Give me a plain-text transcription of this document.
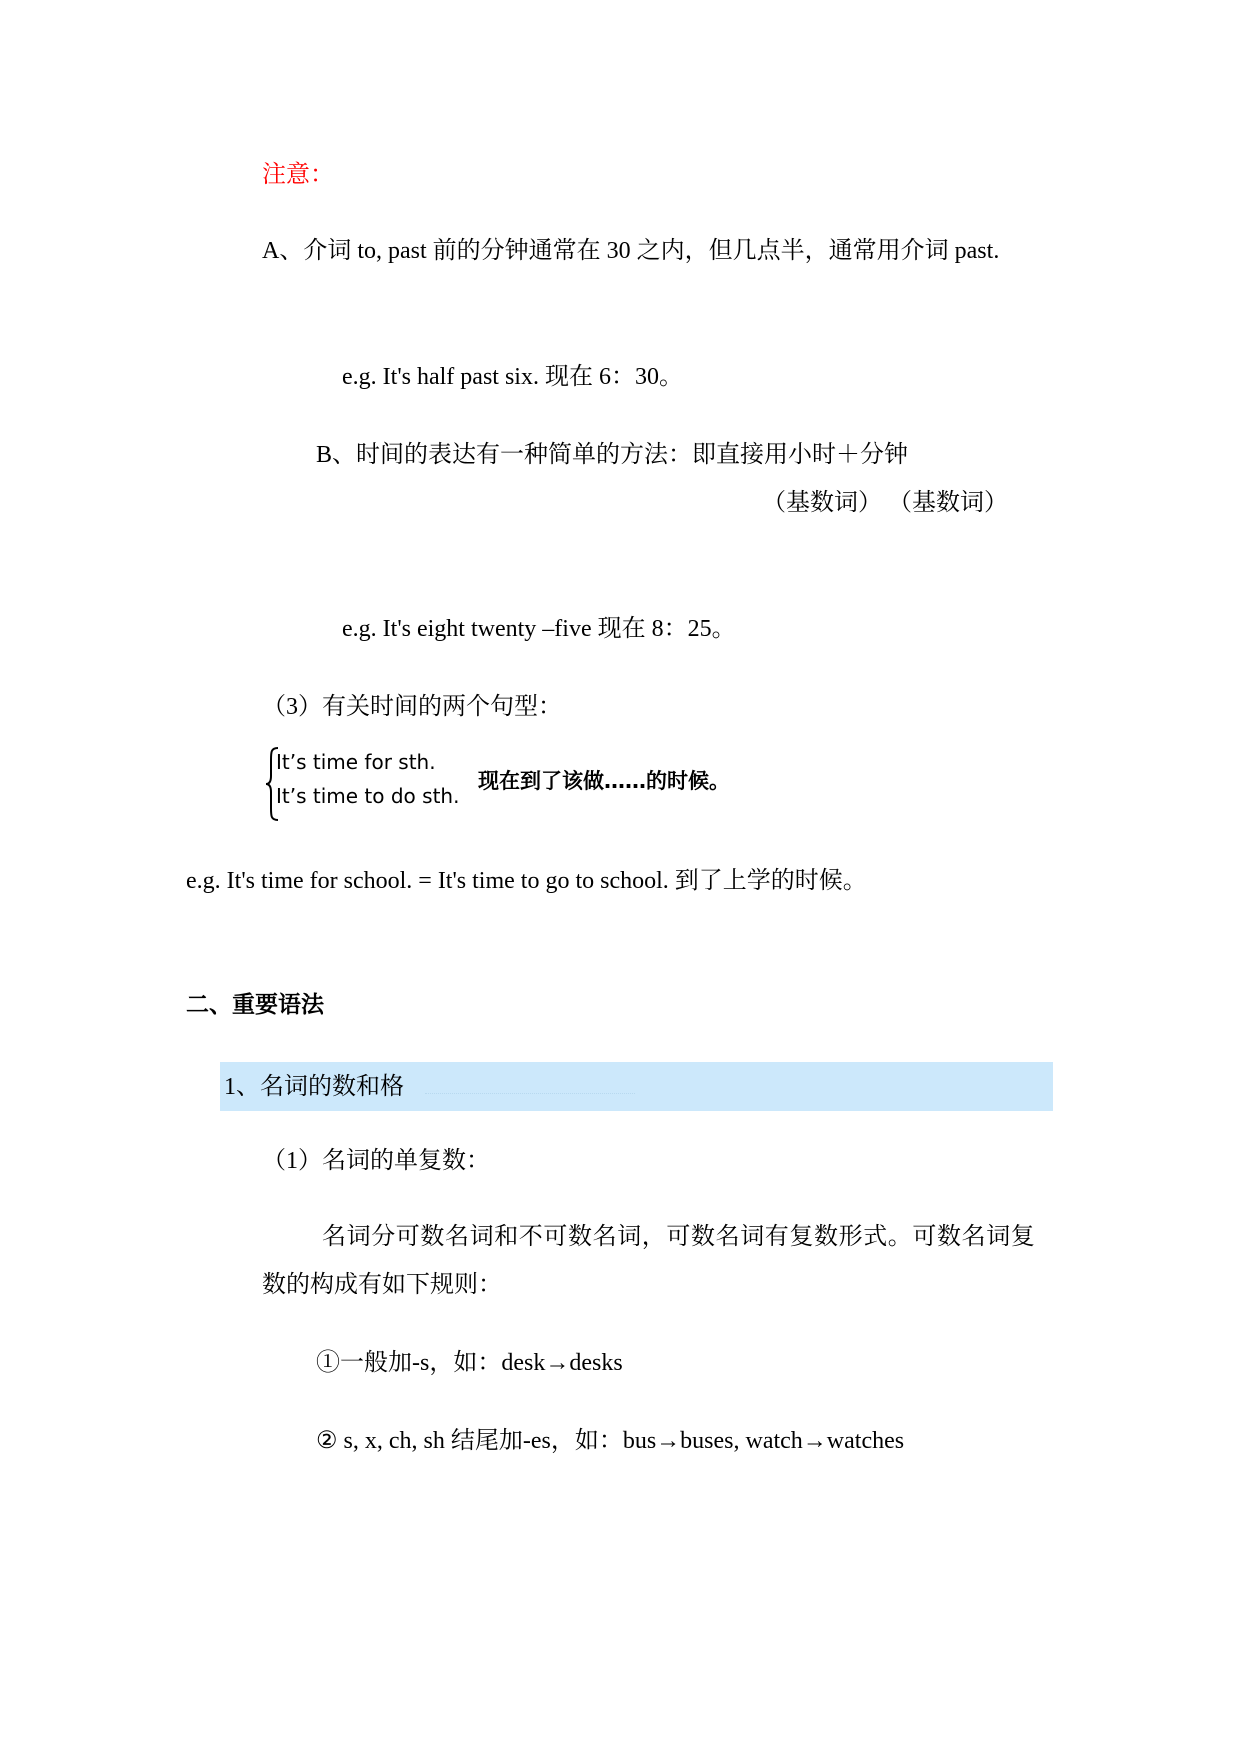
注意：
A、介词 to, past 前的分钟通常在 30 之内，但几点半，通常用介词 past.
e.g. It's half past six. 现在 6：30。
B、时间的表达有一种简单的方法：即直接用小时＋分钟
（基数词） （基数词）
e.g. It's eight twenty –five 现在 8：25。
（3）有关时间的两个句型：
It’s time for sth.
It’s time to do sth.
现在到了该做……的时候。
e.g. It's time for school. = It's time to go to school. 到了上学的时候。
二、重要语法
1、名词的数和格
（1）名词的单复数：
名词分可数名词和不可数名词，可数名词有复数形式。可数名词复
数的构成有如下规则：
①一般加-s，如：desk→desks
② s, x, ch, sh 结尾加-es，如：bus→buses, watch→watches
